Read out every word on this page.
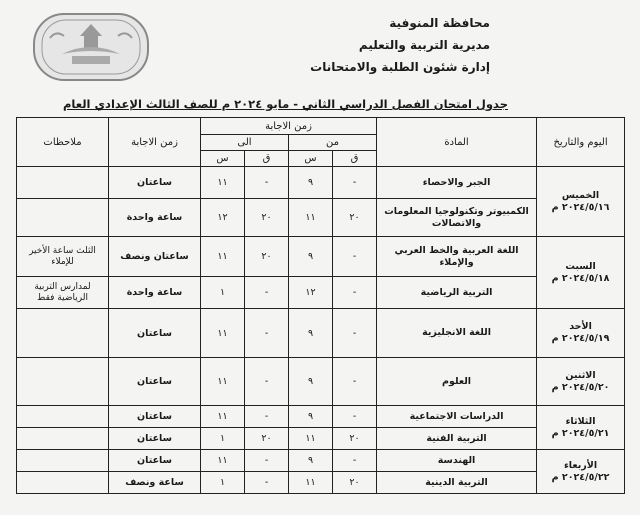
محافظة المنوفية
مديرية التربية والتعليم
إدارة شئون الطلبة والامتحانات
جدول امتحان الفصل الدراسي الثاني - مايو ٢٠٢٤ م للصف الثالث الإعدادي العام
اليوم والتاريخ	المادة	زمن الاجابة				زمن الاجابة	ملاحظات
		من		الى			
		ق	س	ق	س		

الخميس
٢٠٢٤/٥/١٦ م	الجبر والاحصاء	-	٩	-	١١	ساعتان	
	الكمبيوتر وتكنولوجيا المعلومات والاتصالات	٢٠	١١	٢٠	١٢	ساعة واحدة	

السبت
٢٠٢٤/٥/١٨ م	اللغة العربية والخط العربي والإملاء	-	٩	٢٠	١١	ساعتان ونصف	الثلث ساعة الأخير للإملاء
	التربية الرياضية	-	١٢	-	١	ساعة واحدة	لمدارس التربية الرياضية فقط

الأحد
٢٠٢٤/٥/١٩ م	اللغة الانجليزية	-	٩	-	١١	ساعتان	

الاثنين
٢٠٢٤/٥/٢٠ م	العلوم	-	٩	-	١١	ساعتان	

الثلاثاء
٢٠٢٤/٥/٢١ م	الدراسات الاجتماعية	-	٩	-	١١	ساعتان	
	التربية الفنية	٢٠	١١	٢٠	١	ساعتان	

الأربعاء
٢٠٢٤/٥/٢٢ م	الهندسة	-	٩	-	١١	ساعتان	
	التربية الدينية	٢٠	١١	-	١	ساعة ونصف	
